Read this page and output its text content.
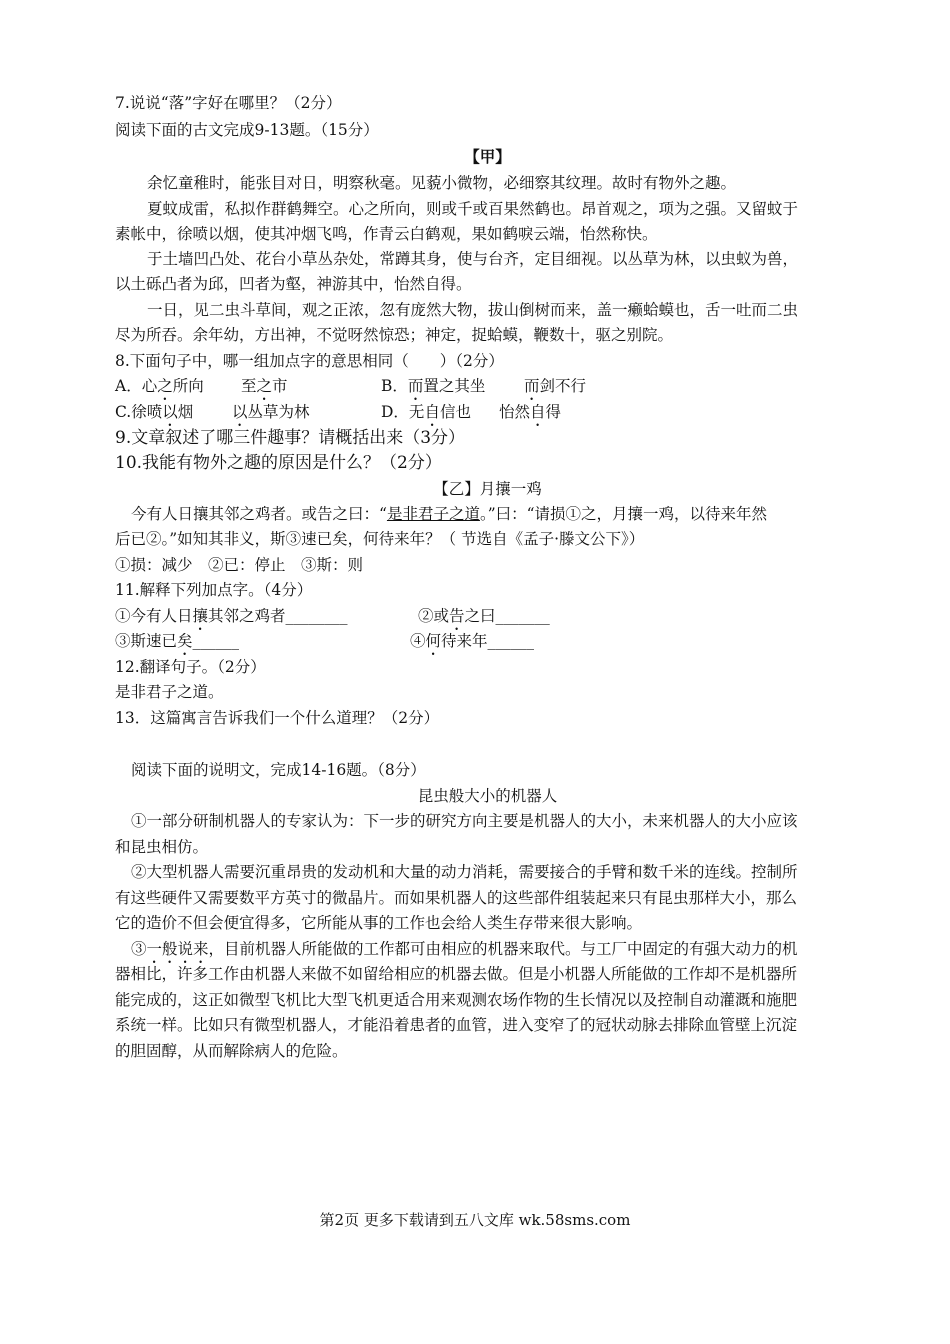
7.说说“落”字好在哪里？（2分）
阅读下面的古文完成9-13题。（15分）
【甲】
余忆童稚时，能张目对日，明察秋毫。见藐小微物，必细察其纹理。故时有物外之趣。
夏蚊成雷，私拟作群鹤舞空。心之所向，则或千或百果然鹤也。昂首观之，项为之强。又留蚊于
素帐中，徐喷以烟，使其冲烟飞鸣，作青云白鹤观，果如鹤唳云端，怡然称快。
于土墙凹凸处、花台小草丛杂处，常蹲其身，使与台齐，定目细视。以丛草为林，以虫蚁为兽，
以土砾凸者为邱，凹者为壑，神游其中，怡然自得。
一日，见二虫斗草间，观之正浓，忽有庞然大物，拔山倒树而来，盖一癞蛤蟆也，舌一吐而二虫
尽为所吞。余年幼，方出神，不觉呀然惊恐；神定，捉蛤蟆，鞭数十，驱之别院。
8.下面句子中，哪一组加点字的意思相同（　　）（2分）
A．心之所向 至之市	B．而置之其坐 而剑不行
C.徐喷以烟 以丛草为林	D．无自信也 怡然自得
9.文章叙述了哪三件趣事？请概括出来（3分）
10.我能有物外之趣的原因是什么？（2分）
【乙】月攘一鸡
今有人日攘其邻之鸡者。或告之曰：“是非君子之道。”曰：“请损①之，月攘一鸡，以待来年然
后已②。”如知其非义，斯③速已矣，何待来年？（ 节选自《孟子·滕文公下》）
①损：减少　②已：停止　③斯：则
11.解释下列加点字。（4分）
①今有人日攘其邻之鸡者________	②或告之曰_______
③斯速已矣______	④何待来年______
12.翻译句子。（2分）
是非君子之道。
13．这篇寓言告诉我们一个什么道理？（2分）
阅读下面的说明文，完成14-16题。（8分）
昆虫般大小的机器人
①一部分研制机器人的专家认为：下一步的研究方向主要是机器人的大小，未来机器人的大小应该
和昆虫相仿。
②大型机器人需要沉重昂贵的发动机和大量的动力消耗，需要接合的手臂和数千米的连线。控制所
有这些硬件又需要数平方英寸的微晶片。而如果机器人的这些部件组装起来只有昆虫那样大小，那么
它的造价不但会便宜得多，它所能从事的工作也会给人类生存带来很大影响。
③一般说来，目前机器人所能做的工作都可由相应的机器来取代。与工厂中固定的有强大动力的机
器相比，许多工作由机器人来做不如留给相应的机器去做。但是小机器人所能做的工作却不是机器所
能完成的，这正如微型飞机比大型飞机更适合用来观测农场作物的生长情况以及控制自动灌溉和施肥
系统一样。比如只有微型机器人，才能沿着患者的血管，进入变窄了的冠状动脉去排除血管壁上沉淀
的胆固醇，从而解除病人的危险。
第2页 更多下载请到五八文库 wk.58sms.com
